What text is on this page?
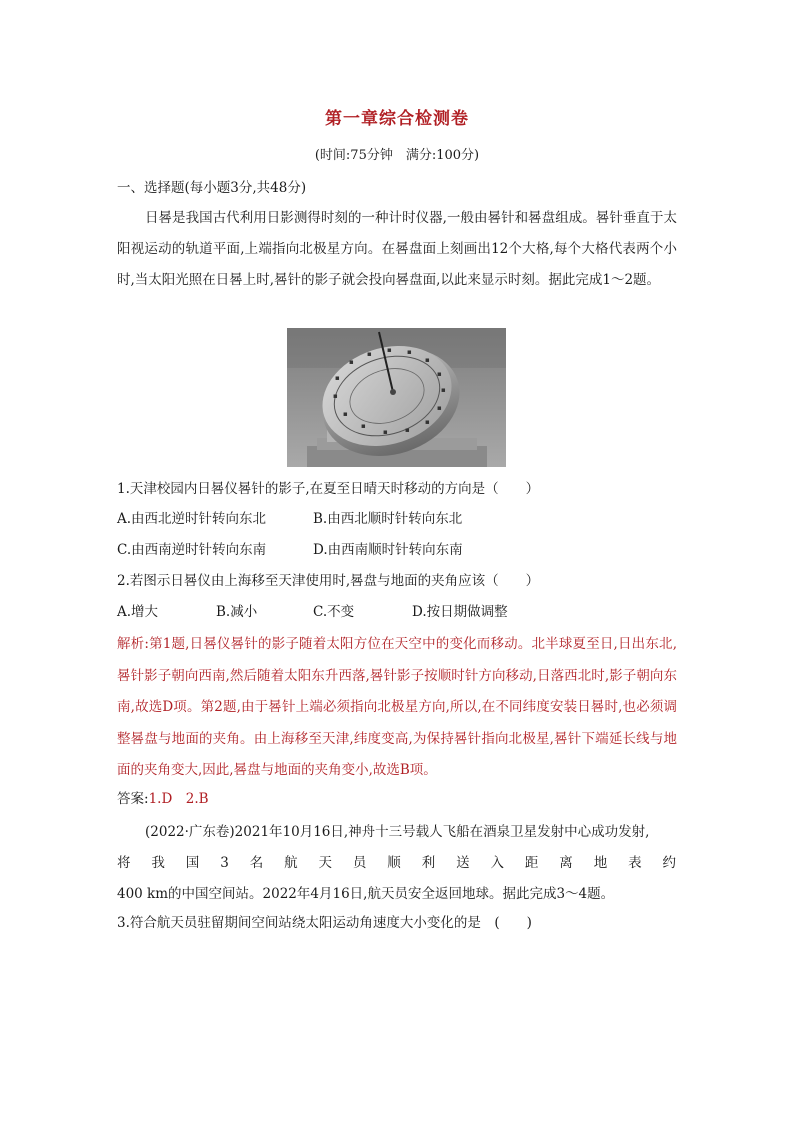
第一章综合检测卷
(时间:75分钟　满分:100分)
一、选择题(每小题3分,共48分)
日晷是我国古代利用日影测得时刻的一种计时仪器,一般由晷针和晷盘组成。晷针垂直于太阳视运动的轨道平面,上端指向北极星方向。在晷盘面上刻画出12个大格,每个大格代表两个小时,当太阳光照在日晷上时,晷针的影子就会投向晷盘面,以此来显示时刻。据此完成1～2题。
▪
▪ ▪ ▪
▪
▪
▪
▪
▪
▪
▪
▪
▪
▪
▪
1.天津校园内日晷仪晷针的影子,在夏至日晴天时移动的方向是（　　）
A.由西北逆时针转向东北	B.由西北顺时针转向东北
C.由西南逆时针转向东南	D.由西南顺时针转向东南
2.若图示日晷仪由上海移至天津使用时,晷盘与地面的夹角应该（　　）
A.增大	B.减小	C.不变	D.按日期做调整
解析:第1题,日晷仪晷针的影子随着太阳方位在天空中的变化而移动。北半球夏至日,日出东北,晷针影子朝向西南,然后随着太阳东升西落,晷针影子按顺时针方向移动,日落西北时,影子朝向东南,故选D项。第2题,由于晷针上端必须指向北极星方向,所以,在不同纬度安装日晷时,也必须调整晷盘与地面的夹角。由上海移至天津,纬度变高,为保持晷针指向北极星,晷针下端延长线与地面的夹角变大,因此,晷盘与地面的夹角变小,故选B项。
答案:1.D　2.B
(2022·广东卷)2021年10月16日,神舟十三号载人飞船在酒泉卫星发射中心成功发射,
将我国3名航天员顺利送入距离地表约
400 km的中国空间站。2022年4月16日,航天员安全返回地球。据此完成3～4题。
3.符合航天员驻留期间空间站绕太阳运动角速度大小变化的是　(　　)
